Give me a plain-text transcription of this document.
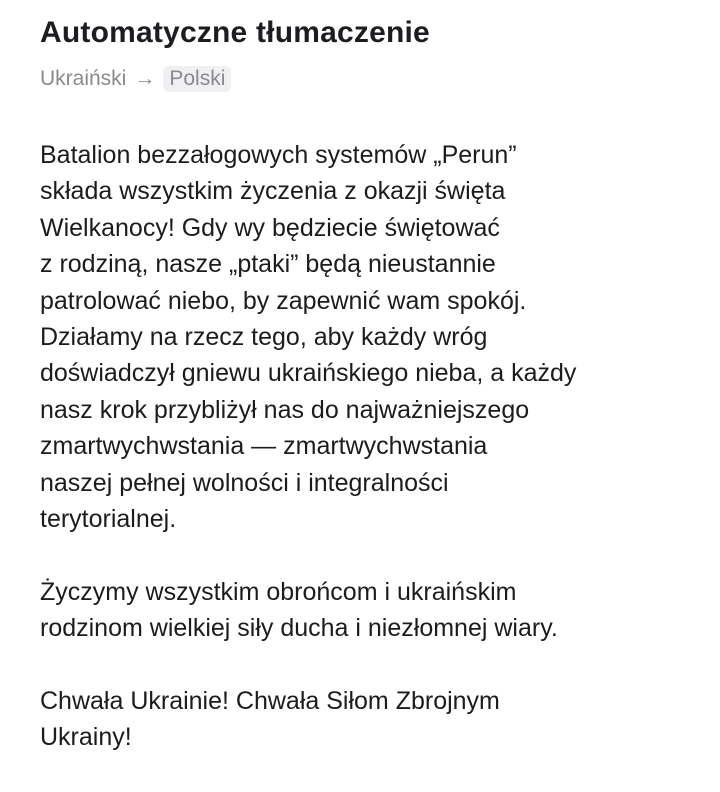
Automatyczne tłumaczenie
Ukraiński → Polski
Batalion bezzałogowych systemów „Perun”
składa wszystkim życzenia z okazji święta
Wielkanocy! Gdy wy będziecie świętować
z rodziną, nasze „ptaki” będą nieustannie
patrolować niebo, by zapewnić wam spokój.
Działamy na rzecz tego, aby każdy wróg
doświadczył gniewu ukraińskiego nieba, a każdy
nasz krok przybliżył nas do najważniejszego
zmartwychwstania — zmartwychwstania
naszej pełnej wolności i integralności
terytorialnej.
Życzymy wszystkim obrońcom i ukraińskim
rodzinom wielkiej siły ducha i niezłomnej wiary.
Chwała Ukrainie! Chwała Siłom Zbrojnym
Ukrainy!
